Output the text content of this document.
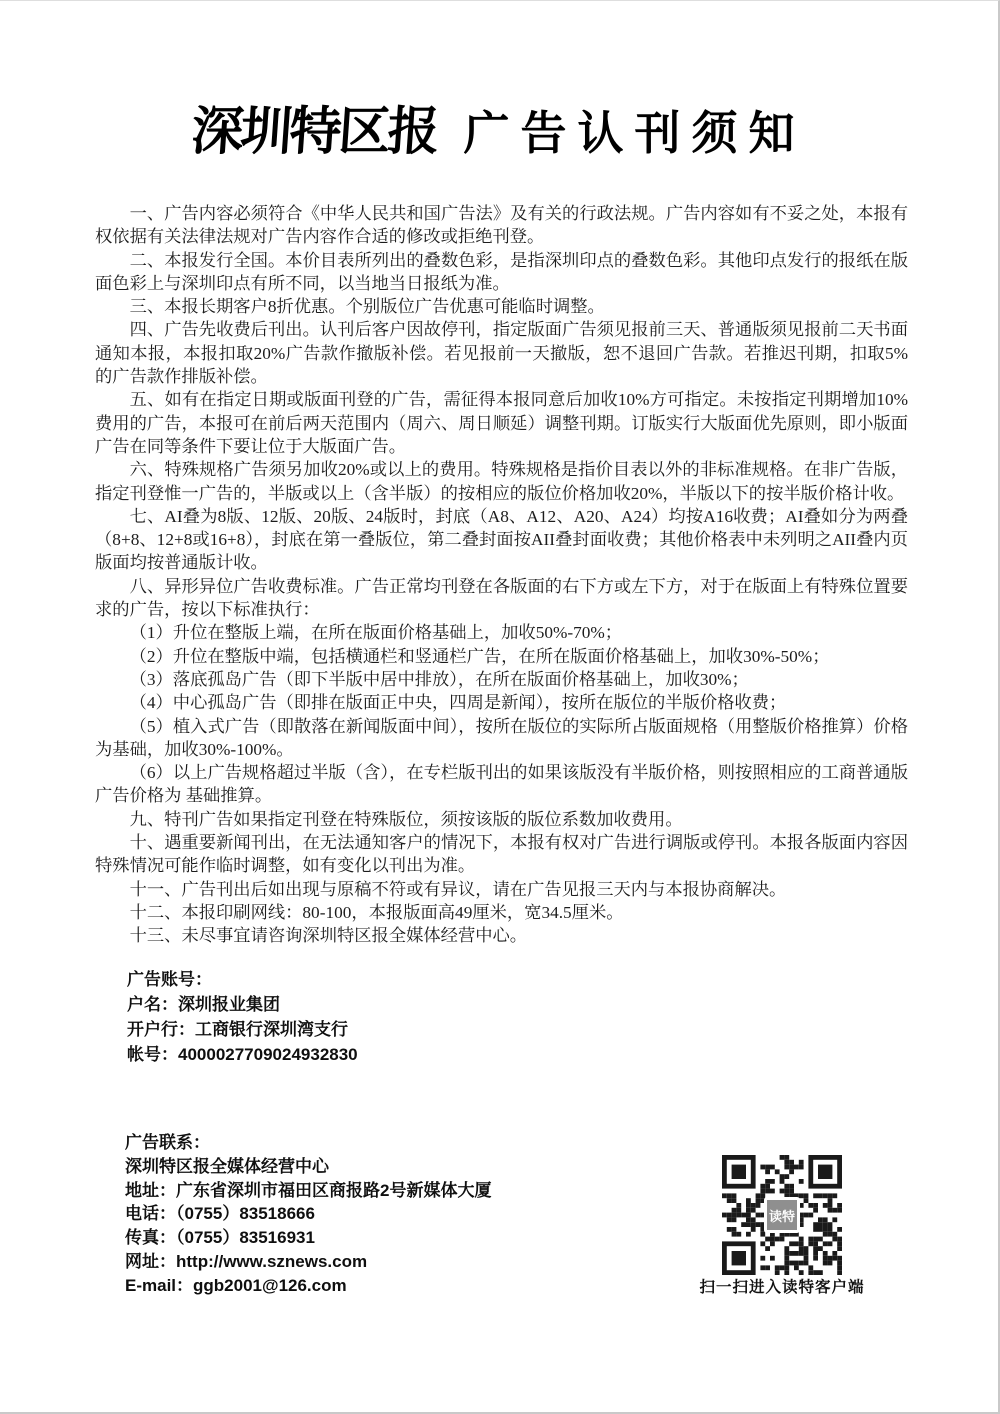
深圳特区报 广告认刊须知

一、广告内容必须符合《中华人民共和国广告法》及有关的行政法规。广告内容如有不妥之处，本报有权依据有关法律法规对广告内容作合适的修改或拒绝刊登。

二、本报发行全国。本价目表所列出的叠数色彩，是指深圳印点的叠数色彩。其他印点发行的报纸在版面色彩上与深圳印点有所不同，以当地当日报纸为准。

三、本报长期客户8折优惠。个别版位广告优惠可能临时调整。

四、广告先收费后刊出。认刊后客户因故停刊，指定版面广告须见报前三天、普通版须见报前二天书面通知本报，本报扣取20%广告款作撤版补偿。若见报前一天撤版，恕不退回广告款。若推迟刊期，扣取5%的广告款作排版补偿。

五、如有在指定日期或版面刊登的广告，需征得本报同意后加收10%方可指定。未按指定刊期增加10%费用的广告，本报可在前后两天范围内（周六、周日顺延）调整刊期。订版实行大版面优先原则，即小版面广告在同等条件下要让位于大版面广告。

六、特殊规格广告须另加收20%或以上的费用。特殊规格是指价目表以外的非标准规格。在非广告版，指定刊登惟一广告的，半版或以上（含半版）的按相应的版位价格加收20%，半版以下的按半版价格计收。

七、AI叠为8版、12版、20版、24版时，封底（A8、A12、A20、A24）均按A16收费；AI叠如分为两叠（8+8、12+8或16+8），封底在第一叠版位，第二叠封面按AII叠封面收费；其他价格表中未列明之AII叠内页版面均按普通版计收。

八、异形异位广告收费标准。广告正常均刊登在各版面的右下方或左下方，对于在版面上有特殊位置要求的广告，按以下标准执行：

（1）升位在整版上端，在所在版面价格基础上，加收50%-70%；

（2）升位在整版中端，包括横通栏和竖通栏广告，在所在版面价格基础上，加收30%-50%；

（3）落底孤岛广告（即下半版中居中排放），在所在版面价格基础上，加收30%；

（4）中心孤岛广告（即排在版面正中央，四周是新闻），按所在版位的半版价格收费；

（5）植入式广告（即散落在新闻版面中间），按所在版位的实际所占版面规格（用整版价格推算）价格为基础，加收30%-100%。

（6）以上广告规格超过半版（含），在专栏版刊出的如果该版没有半版价格，则按照相应的工商普通版广告价格为 基础推算。

九、特刊广告如果指定刊登在特殊版位，须按该版的版位系数加收费用。

十、遇重要新闻刊出，在无法通知客户的情况下，本报有权对广告进行调版或停刊。本报各版面内容因特殊情况可能作临时调整，如有变化以刊出为准。

十一、广告刊出后如出现与原稿不符或有异议，请在广告见报三天内与本报协商解决。

十二、本报印刷网线：80-100，本报版面高49厘米，宽34.5厘米。

十三、未尽事宜请咨询深圳特区报全媒体经营中心。

广告账号：
户名：深圳报业集团
开户行：工商银行深圳湾支行
帐号：4000027709024932830
广告联系：
深圳特区报全媒体经营中心
地址：广东省深圳市福田区商报路2号新媒体大厦
电话：（0755）83518666
传真：（0755）83516931
网址：http://www.sznews.com
E-mail：ggb2001@126.com
读特
扫一扫进入读特客户端
